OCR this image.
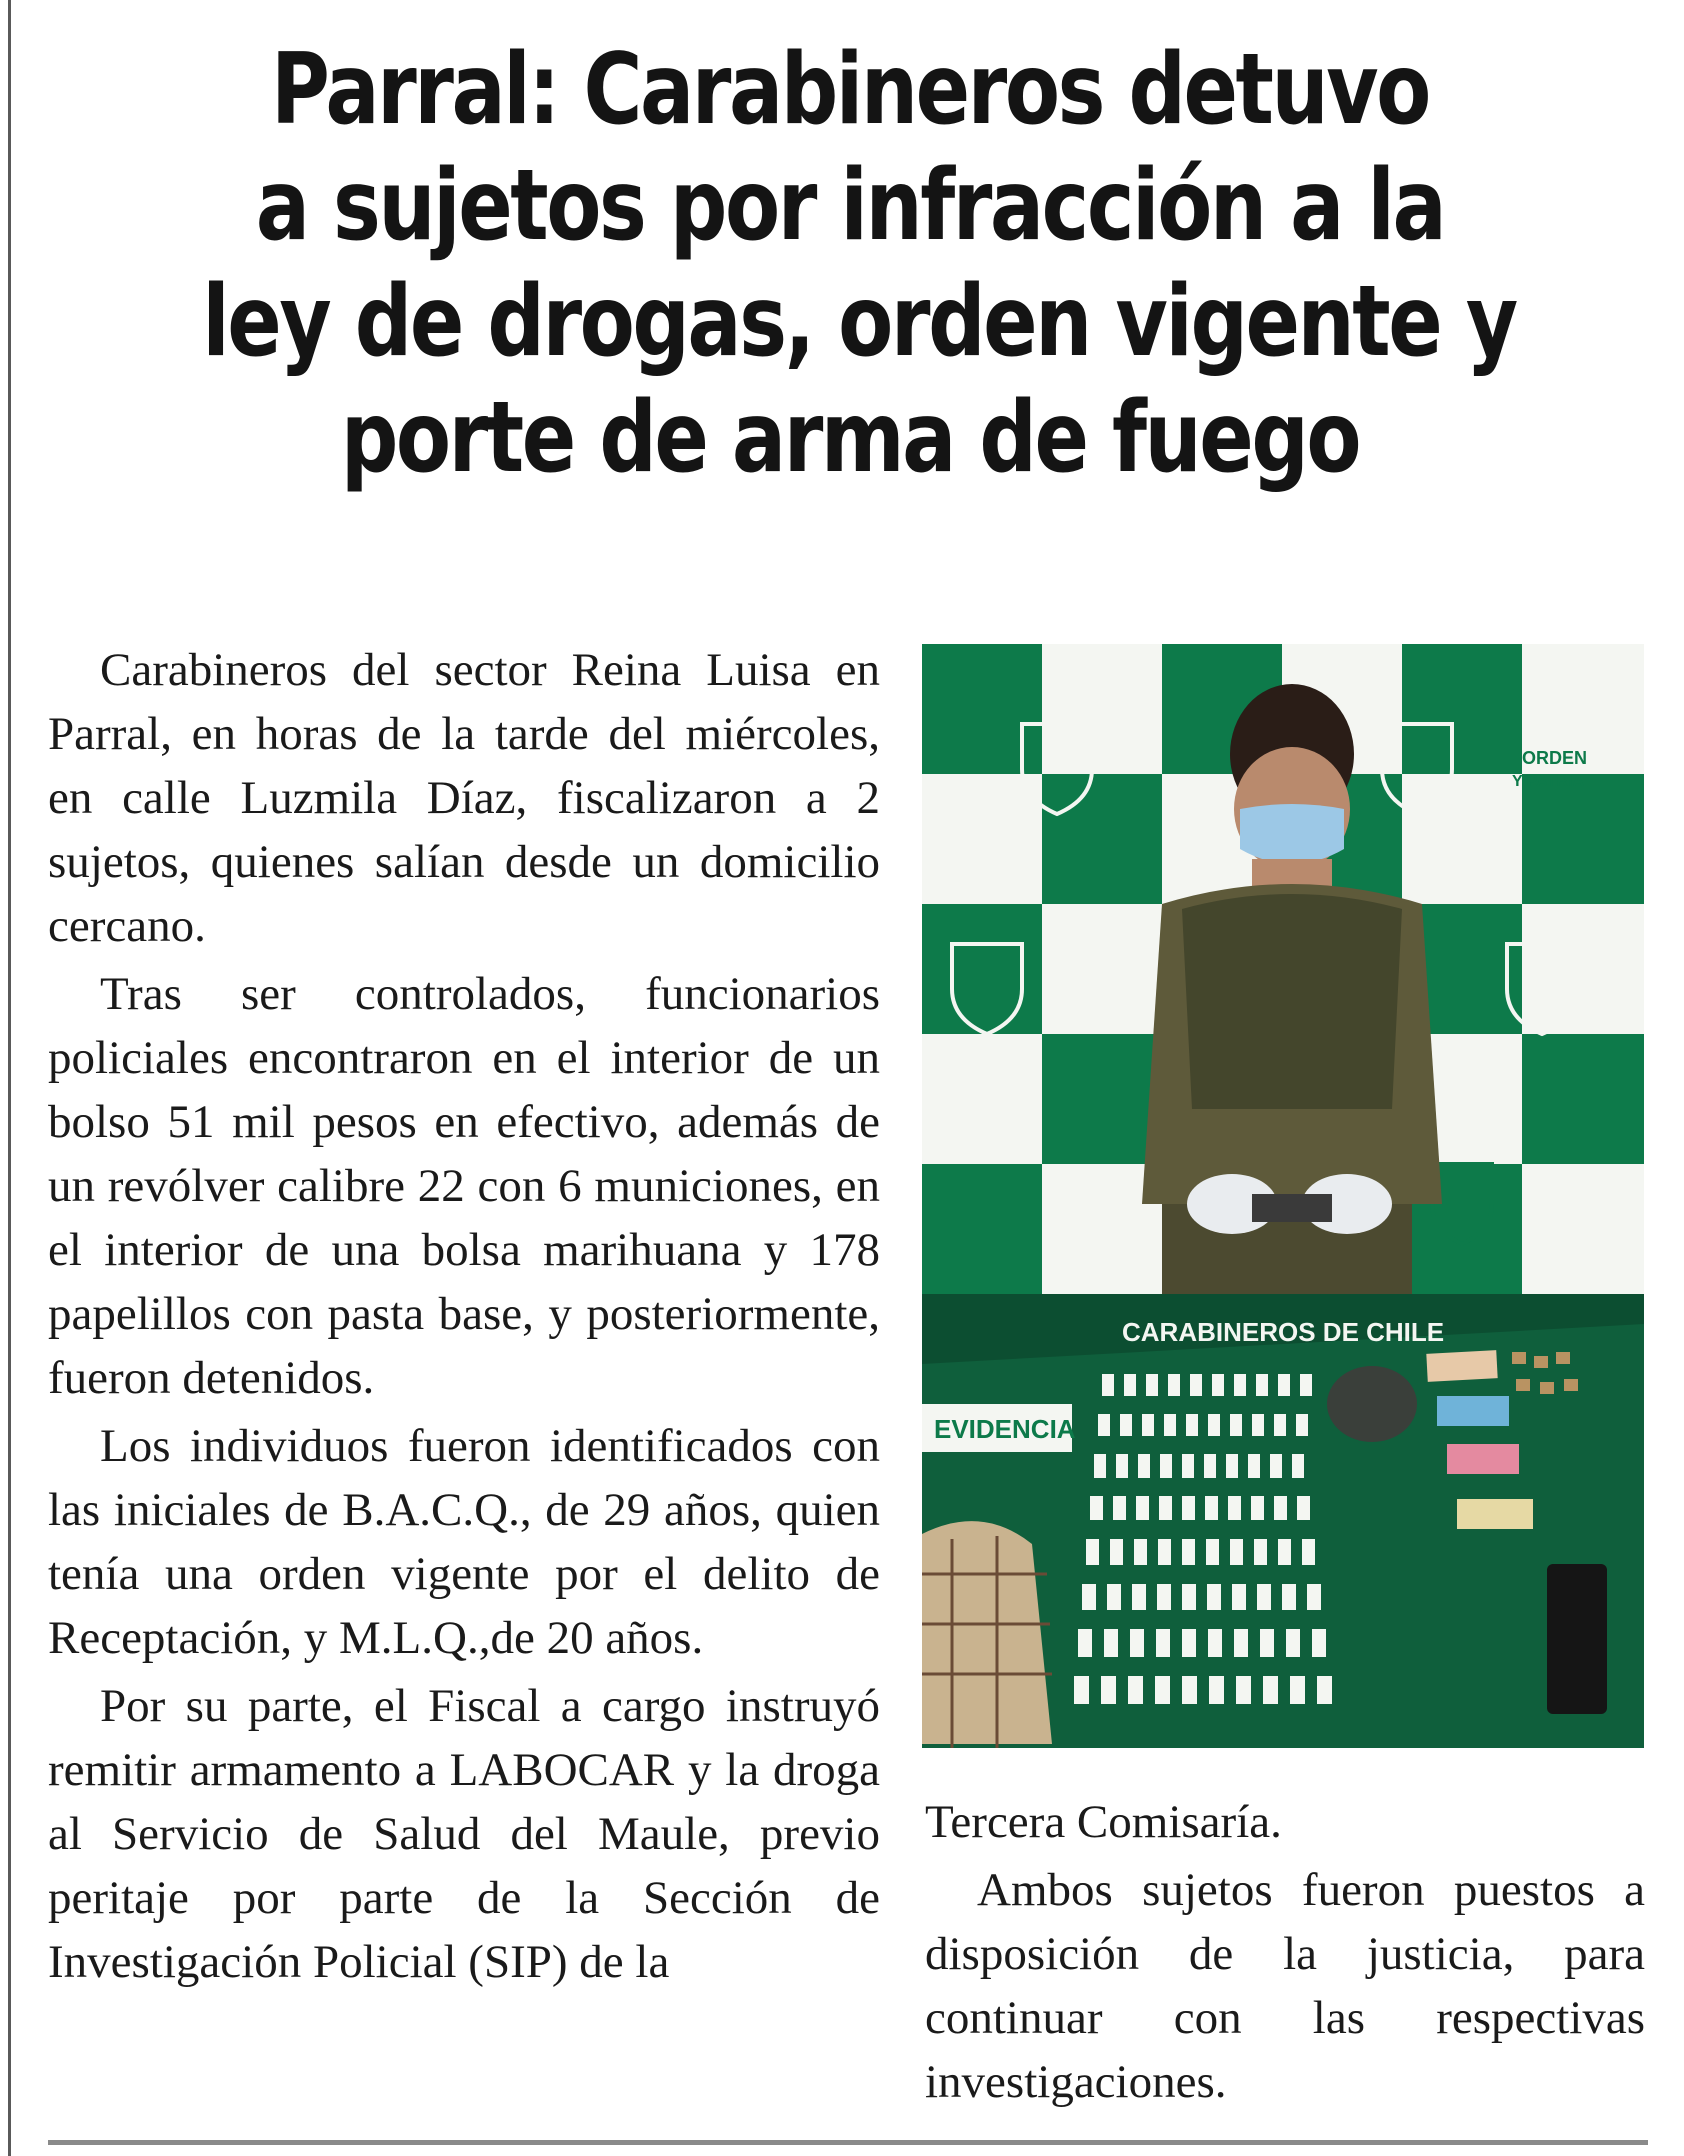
Parral: Carabineros detuvo
a sujetos por infracción a la
ley de drogas, orden vigente y
porte de arma de fuego

Carabineros del sector Reina Luisa en Parral, en horas de la tarde del miércoles, en calle Luzmila Díaz, fiscalizaron a 2 sujetos, quienes salían desde un domicilio cercano.

Tras ser controlados, funcionarios policiales encontraron en el interior de un bolso 51 mil pesos en efectivo, además de un revólver calibre 22 con 6 municiones, en el interior de una bolsa marihuana y 178 papelillos con pasta base, y posteriormente, fueron detenidos.

Los individuos fueron identificados con las iniciales de B.A.C.Q., de 29 años, quien tenía una orden vigente por el delito de Receptación, y M.L.Q.,de 20 años.

Por su parte, el Fiscal a cargo instruyó remitir armamento a LABOCAR y la droga al Servicio de Salud del Maule, previo peritaje por parte de la Sección de Investigación Policial (SIP) de la

ORDEN
Y PATRIA
CARABINEROS DE CHILE
EVIDENCIA

Tercera Comisaría.

Ambos sujetos fueron puestos a disposición de la justicia, para continuar con las respectivas investigaciones.
